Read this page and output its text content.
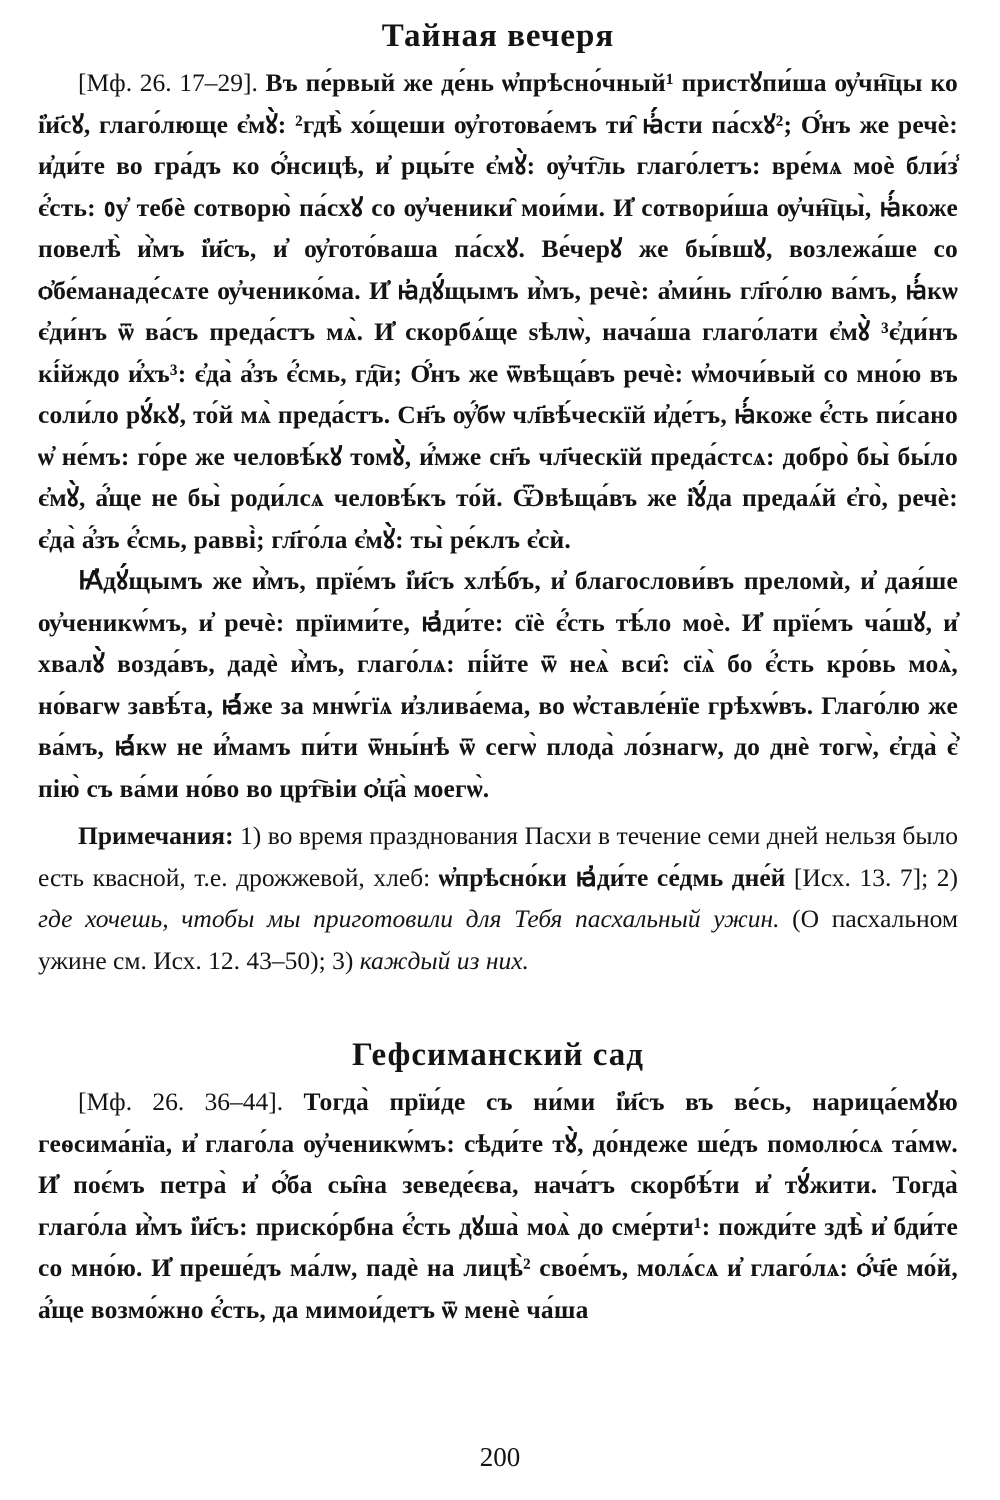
Тайная вечеря

[Мф. 26. 17–29]. Въ пе́рвый же де́нь ѡ҆прѣсно́чный¹ пристꙋпи́ша ѹ҆чн҇цы ко і҆и҃сꙋ, глаго́люще є҆мꙋ̀: ²гдѣ̀ хо́щеши ѹ҆готова́емъ ти̑ ꙗ҆́сти па́схꙋ²; О҆́нъ же речѐ: и҆ди́те во гра́дъ ко ѻ҆́нсицѣ, и҆ рцы́те є҆мꙋ̀: ѹ҆чт҇ль глаго́летъ: вре́мѧ моѐ бли́з̾ є҆́сть: ᲂу҆ тебѐ сотворю̀ па́схꙋ со ѹ҆ченики̑ мои́ми. И҆ сотвори́ша ѹ҆чн҇цы̀, ꙗ҆́коже повелѣ̀ и҆̀мъ і҆и҃съ, и҆ ѹ҆гото́ваша па́схꙋ. Ве́черꙋ же бы́вшꙋ, возлежа́ше со ѻ҆бе́манаде́сѧте ѹ҆ченико́ма. И҆ ꙗ҆дꙋ́щымъ и҆̀мъ, речѐ: а҆ми́нь гл҃го́лю ва́мъ, ꙗ҆́кѡ є҆ди́нъ ѿ ва́съ преда́стъ мѧ̀. И҆ скорбѧ́ще ѕѣлѡ̀, нача́ша глаго́лати є҆мꙋ̀ ³є҆ди́нъ кі́йждо и҆́хъ³: є҆да̀ а҆́зъ є҆́смь, гд҇и; О҆́нъ же ѿвѣща́въ речѐ: ѡ҆мочи́вый со мно́ю въ соли́ло рꙋ́кꙋ, то́й мѧ̀ преда́стъ. Сн҃ъ ѹ҆́бѡ чл҃вѣ́ческїй и҆де́тъ, ꙗ҆́коже є҆́сть пи́сано ѡ҆ не́мъ: го́ре же человѣ́кꙋ томꙋ̀, и҆́мже сн҃ъ чл҃ческїй преда́стсѧ: добро̀ бы̀ бы́ло є҆мꙋ̀, а҆́ще не бы̀ роди́лсѧ человѣ́къ то́й. Ѿвѣща́въ же і҆ꙋ́да предаѧ́й є҆го̀, речѐ: є҆да̀ а҆́зъ є҆́смь, равві̀; гл҃го́ла є҆мꙋ̀: ты̀ ре́клъ є҆сѝ.

Ꙗ҆дꙋ́щымъ же и҆̀мъ, прїе́мъ і҆и҃съ хлѣ́бъ, и҆ благослови́въ преломѝ, и҆ дая́ше ѹ҆ченикѡ́мъ, и҆ речѐ: прїими́те, ꙗ҆ди́те: сїѐ є҆́сть тѣ́ло моѐ. И҆ прїе́мъ ча́шꙋ, и҆ хвалꙋ̀ возда́въ, дадѐ и҆̀мъ, глаго́лѧ: пі́йте ѿ неѧ̀ вси̑: сїѧ̀ бо є҆́сть кро́вь моѧ̀, но́вагѡ завѣ́та, ꙗ҆́же за мнѡ́гїѧ и҆злива́ема, во ѡ҆ставле́нїе грѣхѡ́въ. Глаго́лю же ва́мъ, ꙗ҆́кѡ не и҆́мамъ пи́ти ѿны́нѣ ѿ сегѡ̀ плода̀ ло́знагѡ, до днѐ тогѡ̀, є҆гда̀ є҆̀ пію̀ съ ва́ми но́во во црт҇віи ѻ҆ц҃а̀ моегѡ̀.

Примечания: 1) во время празднования Пасхи в течение семи дней нельзя было есть квасной, т.е. дрожжевой, хлеб: ѡ҆прѣсно́ки ꙗ҆ди́те се́дмь дне́й [Исх. 13. 7]; 2) где хочешь, чтобы мы приготовили для Тебя пасхальный ужин. (О пасхальном ужине см. Исх. 12. 43–50); 3) каждый из них.

Гефсиманский сад

[Мф. 26. 36–44]. Тогда̀ прїи́де съ ни́ми і҆и҃съ въ ве́сь, нарица́емꙋю геѳсима́нїа, и҆ глаго́ла ѹ҆ченикѡ́мъ: сѣди́те тꙋ̀, до́ндеже ше́дъ помолю́сѧ та́мѡ. И҆ поє́мъ петра̀ и҆ ѻ҆́ба сы̑на зеведе́єва, нача́тъ скорбѣ́ти и҆ тꙋ́жити. Тогда̀ глаго́ла и҆̀мъ і҆и҃съ: приско́рбна є҆́сть дꙋша̀ моѧ̀ до сме́рти¹: пожди́те здѣ̀ и҆ бди́те со мно́ю. И҆ преше́дъ ма́лѡ, падѐ на лицѣ̀² свое́мъ, молѧ́сѧ и҆ глаго́лѧ: ѻ҆́ч҃е мо́й, а҆́ще возмо́жно є҆́сть, да мимои́детъ ѿ менѐ ча́ша

200
